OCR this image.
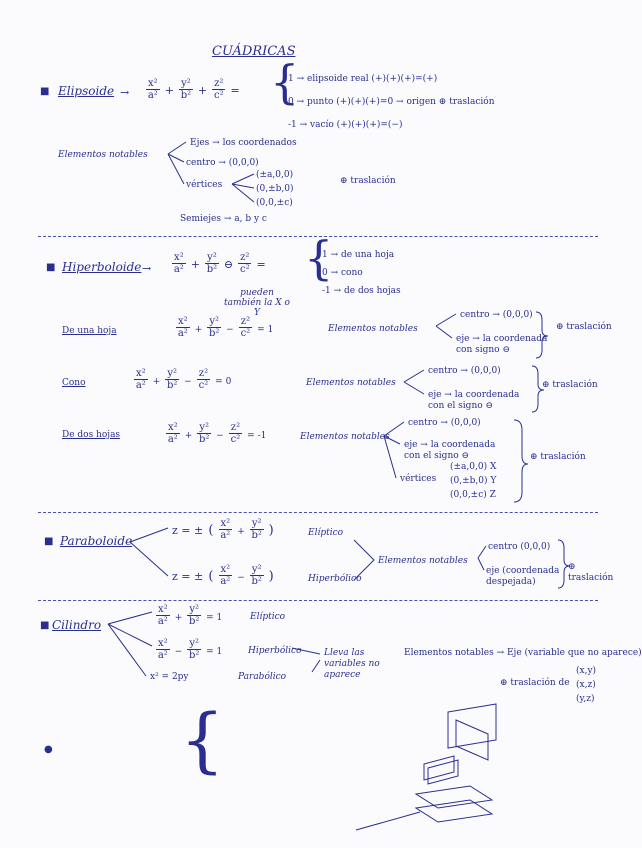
CUÁDRICAS
■ Elipsoide → $\frac{\text{x²}}{\text{a²}} + \frac{\text{y²}}{\text{b²}} + \frac{\text{z²}}{\text{c²}}$ = {
1 → elipsoide real (+)(+)(+)=(+)
0 → punto (+)(+)(+)=0 → origen ⊕ traslación
-1 → vacío (+)(+)(+)=(−)
Elementos notables
Ejes → los coordenados
centro → (0,0,0)
vértices
(±a,0,0)
(0,±b,0)
(0,0,±c)
⊕ traslación
Semiejes → a, b y c
■ Hiperboloide → $\frac{\text{x²}}{\text{a²}} + \frac{\text{y²}}{\text{b²}}$ ⊖ $\frac{\text{z²}}{\text{c²}}$ =
pueden también la X o Y
{
1 → de una hoja
0 → cono
-1 → de dos hojas
De una hoja	$\frac{\text{x²}}{\text{a²}} + \frac{\text{y²}}{\text{b²}} - \frac{\text{z²}}{\text{c²}} = 1$	Elementos notables
centro → (0,0,0)
eje → la coordenada con signo ⊖
⊕ traslación
Cono	$\frac{\text{x²}}{\text{a²}} + \frac{\text{y²}}{\text{b²}} - \frac{\text{z²}}{\text{c²}} = 0$	Elementos notables
centro → (0,0,0)
eje → la coordenada con el signo ⊖
⊕ traslación
De dos hojas	$\frac{\text{x²}}{\text{a²}} + \frac{\text{y²}}{\text{b²}} - \frac{\text{z²}}{\text{c²}} = -1$	Elementos notables
centro → (0,0,0)
eje → la coordenada con el signo ⊖
vértices
(±a,0,0) X
(0,±b,0) Y
(0,0,±c) Z
⊕ traslación
■ Paraboloide
z = ± ( $\frac{\text{x²}}{\text{a²}} + \frac{\text{y²}}{\text{b²}}$ )	Elíptico
z = ± ( $\frac{\text{x²}}{\text{a²}} - \frac{\text{y²}}{\text{b²}}$ )	Hiperbólico
Elementos notables
centro (0,0,0)
eje (coordenada despejada)
⊕ traslación
■ Cilindro	$\frac{\text{x²}}{\text{a²}} + \frac{\text{y²}}{\text{b²}} = 1$	Elíptico
$\frac{\text{x²}}{\text{a²}} - \frac{\text{y²}}{\text{b²}} = 1$	Hiperbólico
x² = 2py	Parabólico
Lleva las variables no aparece
Elementos notables → Eje (variable que no aparece)
⊕ traslación de
(x,y)
(x,z)
(y,z)
● {
